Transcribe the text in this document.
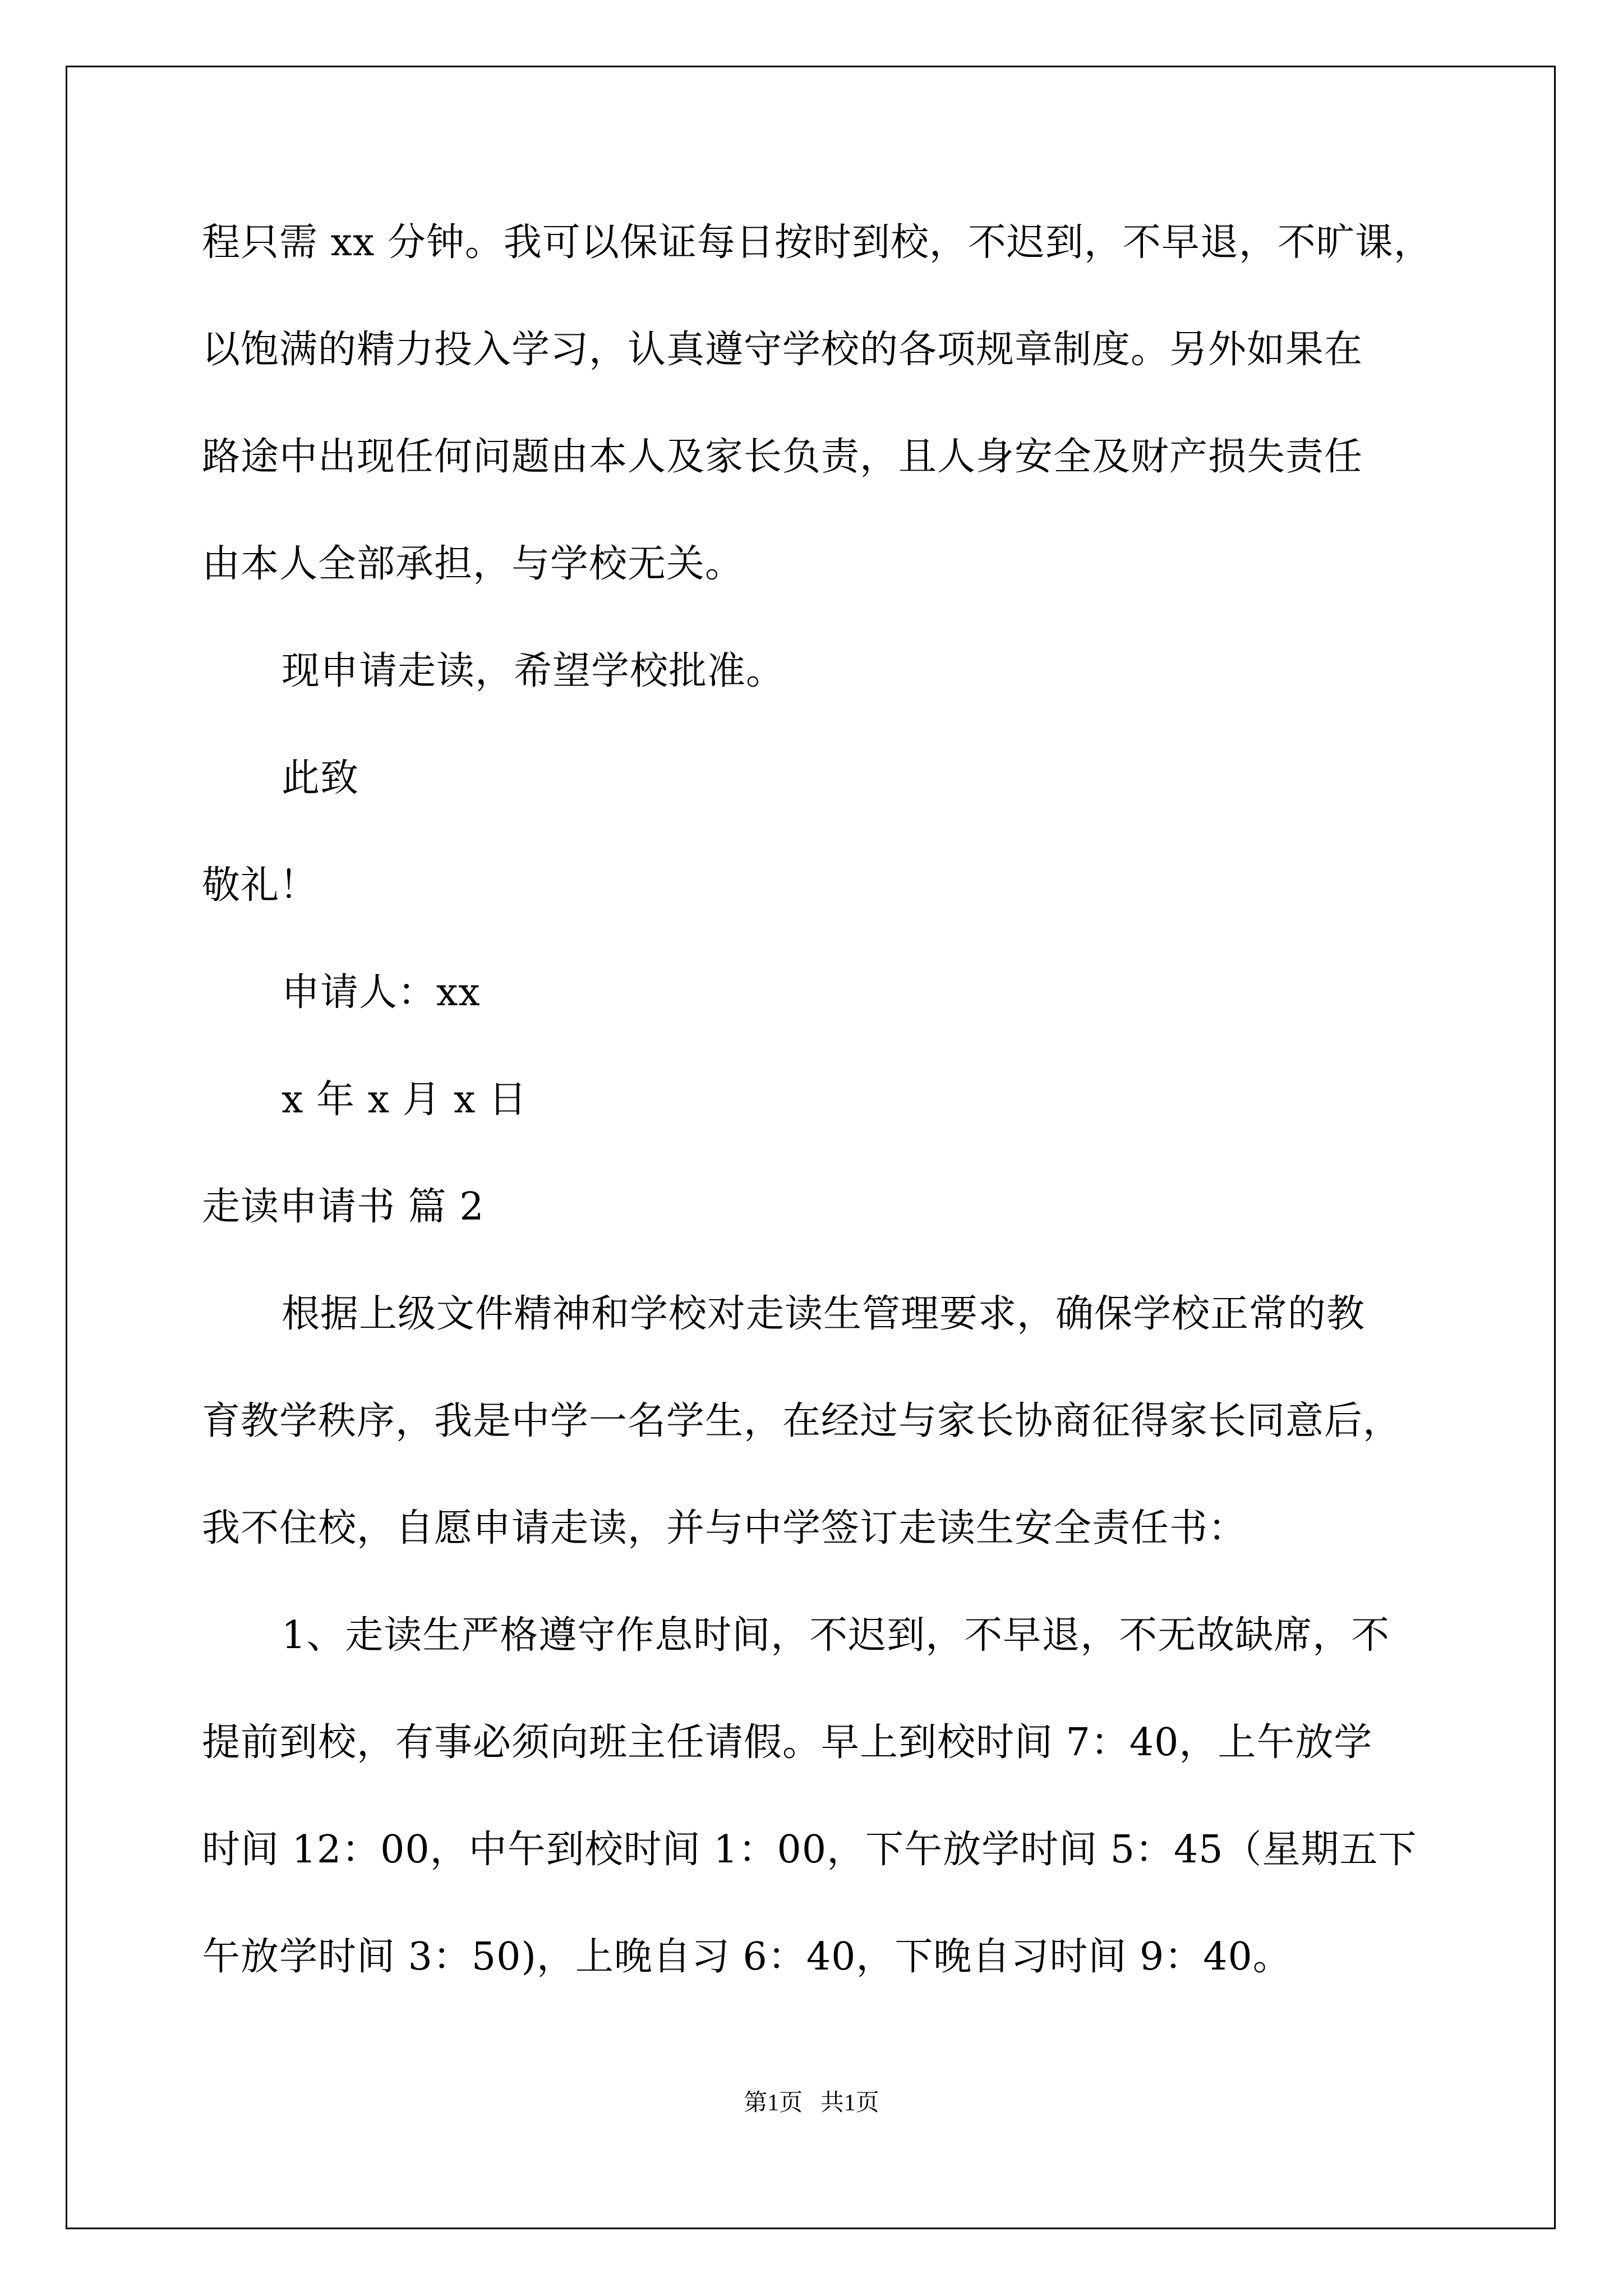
程只需 xx 分钟。我可以保证每日按时到校，不迟到，不早退，不旷课，
以饱满的精力投入学习，认真遵守学校的各项规章制度。另外如果在
路途中出现任何问题由本人及家长负责，且人身安全及财产损失责任
由本人全部承担，与学校无关。
现申请走读，希望学校批准。
此致
敬礼！
申请人：xx
x 年 x 月 x 日
走读申请书 篇 2
根据上级文件精神和学校对走读生管理要求，确保学校正常的教
育教学秩序，我是中学一名学生，在经过与家长协商征得家长同意后，
我不住校，自愿申请走读，并与中学签订走读生安全责任书：
1、走读生严格遵守作息时间，不迟到，不早退，不无故缺席，不
提前到校，有事必须向班主任请假。早上到校时间 7：40，上午放学
时间 12：00，中午到校时间 1：00，下午放学时间 5：45（星期五下
午放学时间 3：50)，上晚自习 6：40，下晚自习时间 9：40。
第1页   共1页
